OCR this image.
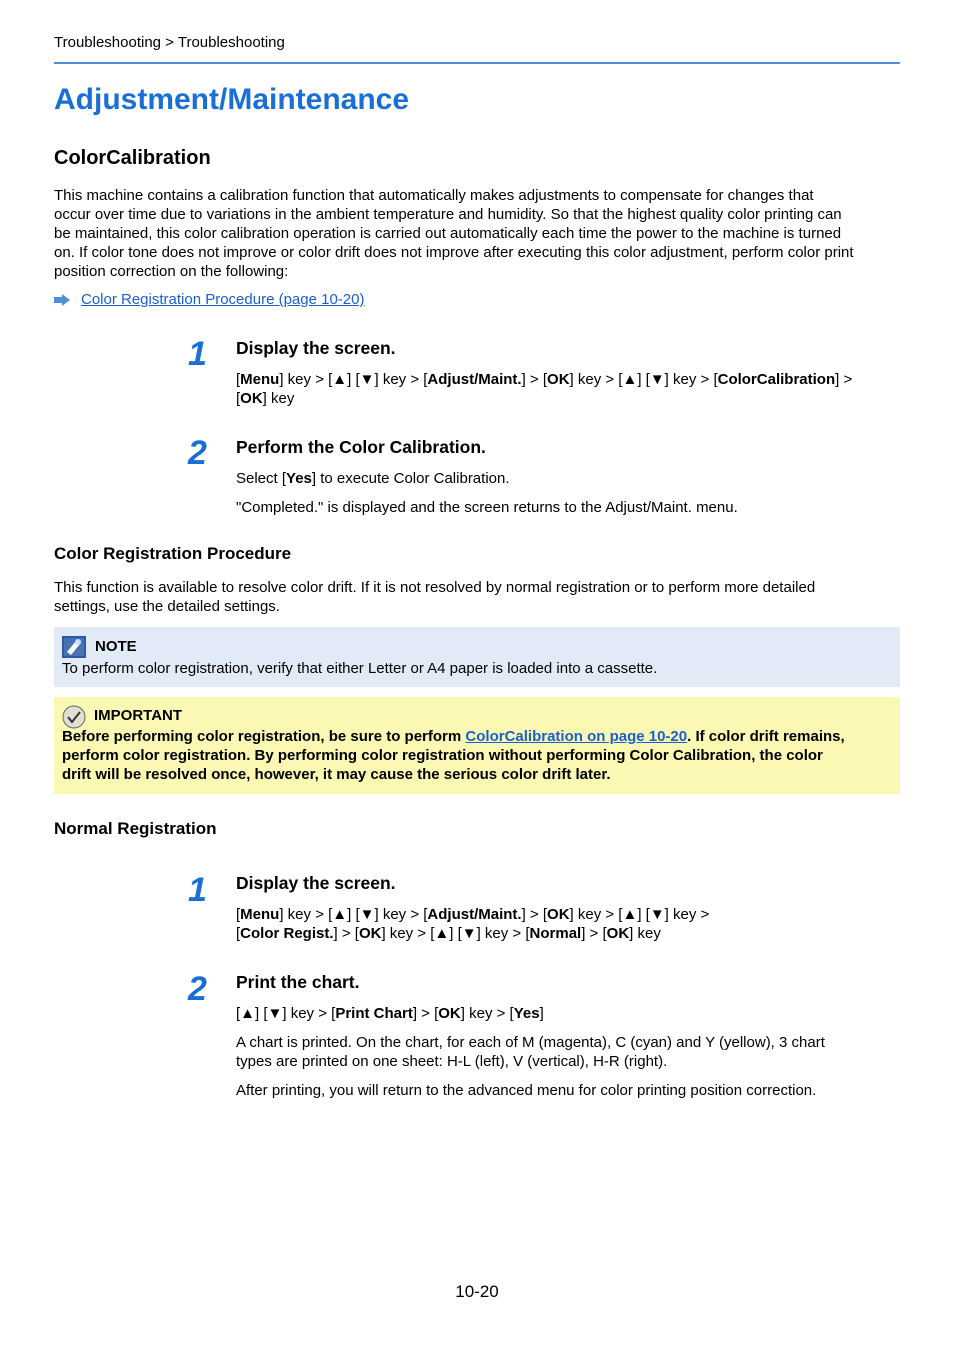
Troubleshooting > Troubleshooting
Adjustment/Maintenance
ColorCalibration
This machine contains a calibration function that automatically makes adjustments to compensate for changes that
occur over time due to variations in the ambient temperature and humidity. So that the highest quality color printing can
be maintained, this color calibration operation is carried out automatically each time the power to the machine is turned
on. If color tone does not improve or color drift does not improve after executing this color adjustment, perform color print
position correction on the following:
Color Registration Procedure (page 10-20)
1 Display the screen.
[Menu] key > [▲] [▼] key > [Adjust/Maint.] > [OK] key > [▲] [▼] key > [ColorCalibration] >
[OK] key
2 Perform the Color Calibration.
Select [Yes] to execute Color Calibration.
"Completed." is displayed and the screen returns to the Adjust/Maint. menu.
Color Registration Procedure
This function is available to resolve color drift. If it is not resolved by normal registration or to perform more detailed
settings, use the detailed settings.
NOTE
To perform color registration, verify that either Letter or A4 paper is loaded into a cassette.
IMPORTANT
Before performing color registration, be sure to perform ColorCalibration on page 10-20. If color drift remains,
perform color registration. By performing color registration without performing Color Calibration, the color
drift will be resolved once, however, it may cause the serious color drift later.
Normal Registration
1 Display the screen.
[Menu] key > [▲] [▼] key > [Adjust/Maint.] > [OK] key > [▲] [▼] key >
[Color Regist.] > [OK] key > [▲] [▼] key > [Normal] > [OK] key
2 Print the chart.
[▲] [▼] key > [Print Chart] > [OK] key > [Yes]
A chart is printed. On the chart, for each of M (magenta), C (cyan) and Y (yellow), 3 chart
types are printed on one sheet: H-L (left), V (vertical), H-R (right).
After printing, you will return to the advanced menu for color printing position correction.
10-20
